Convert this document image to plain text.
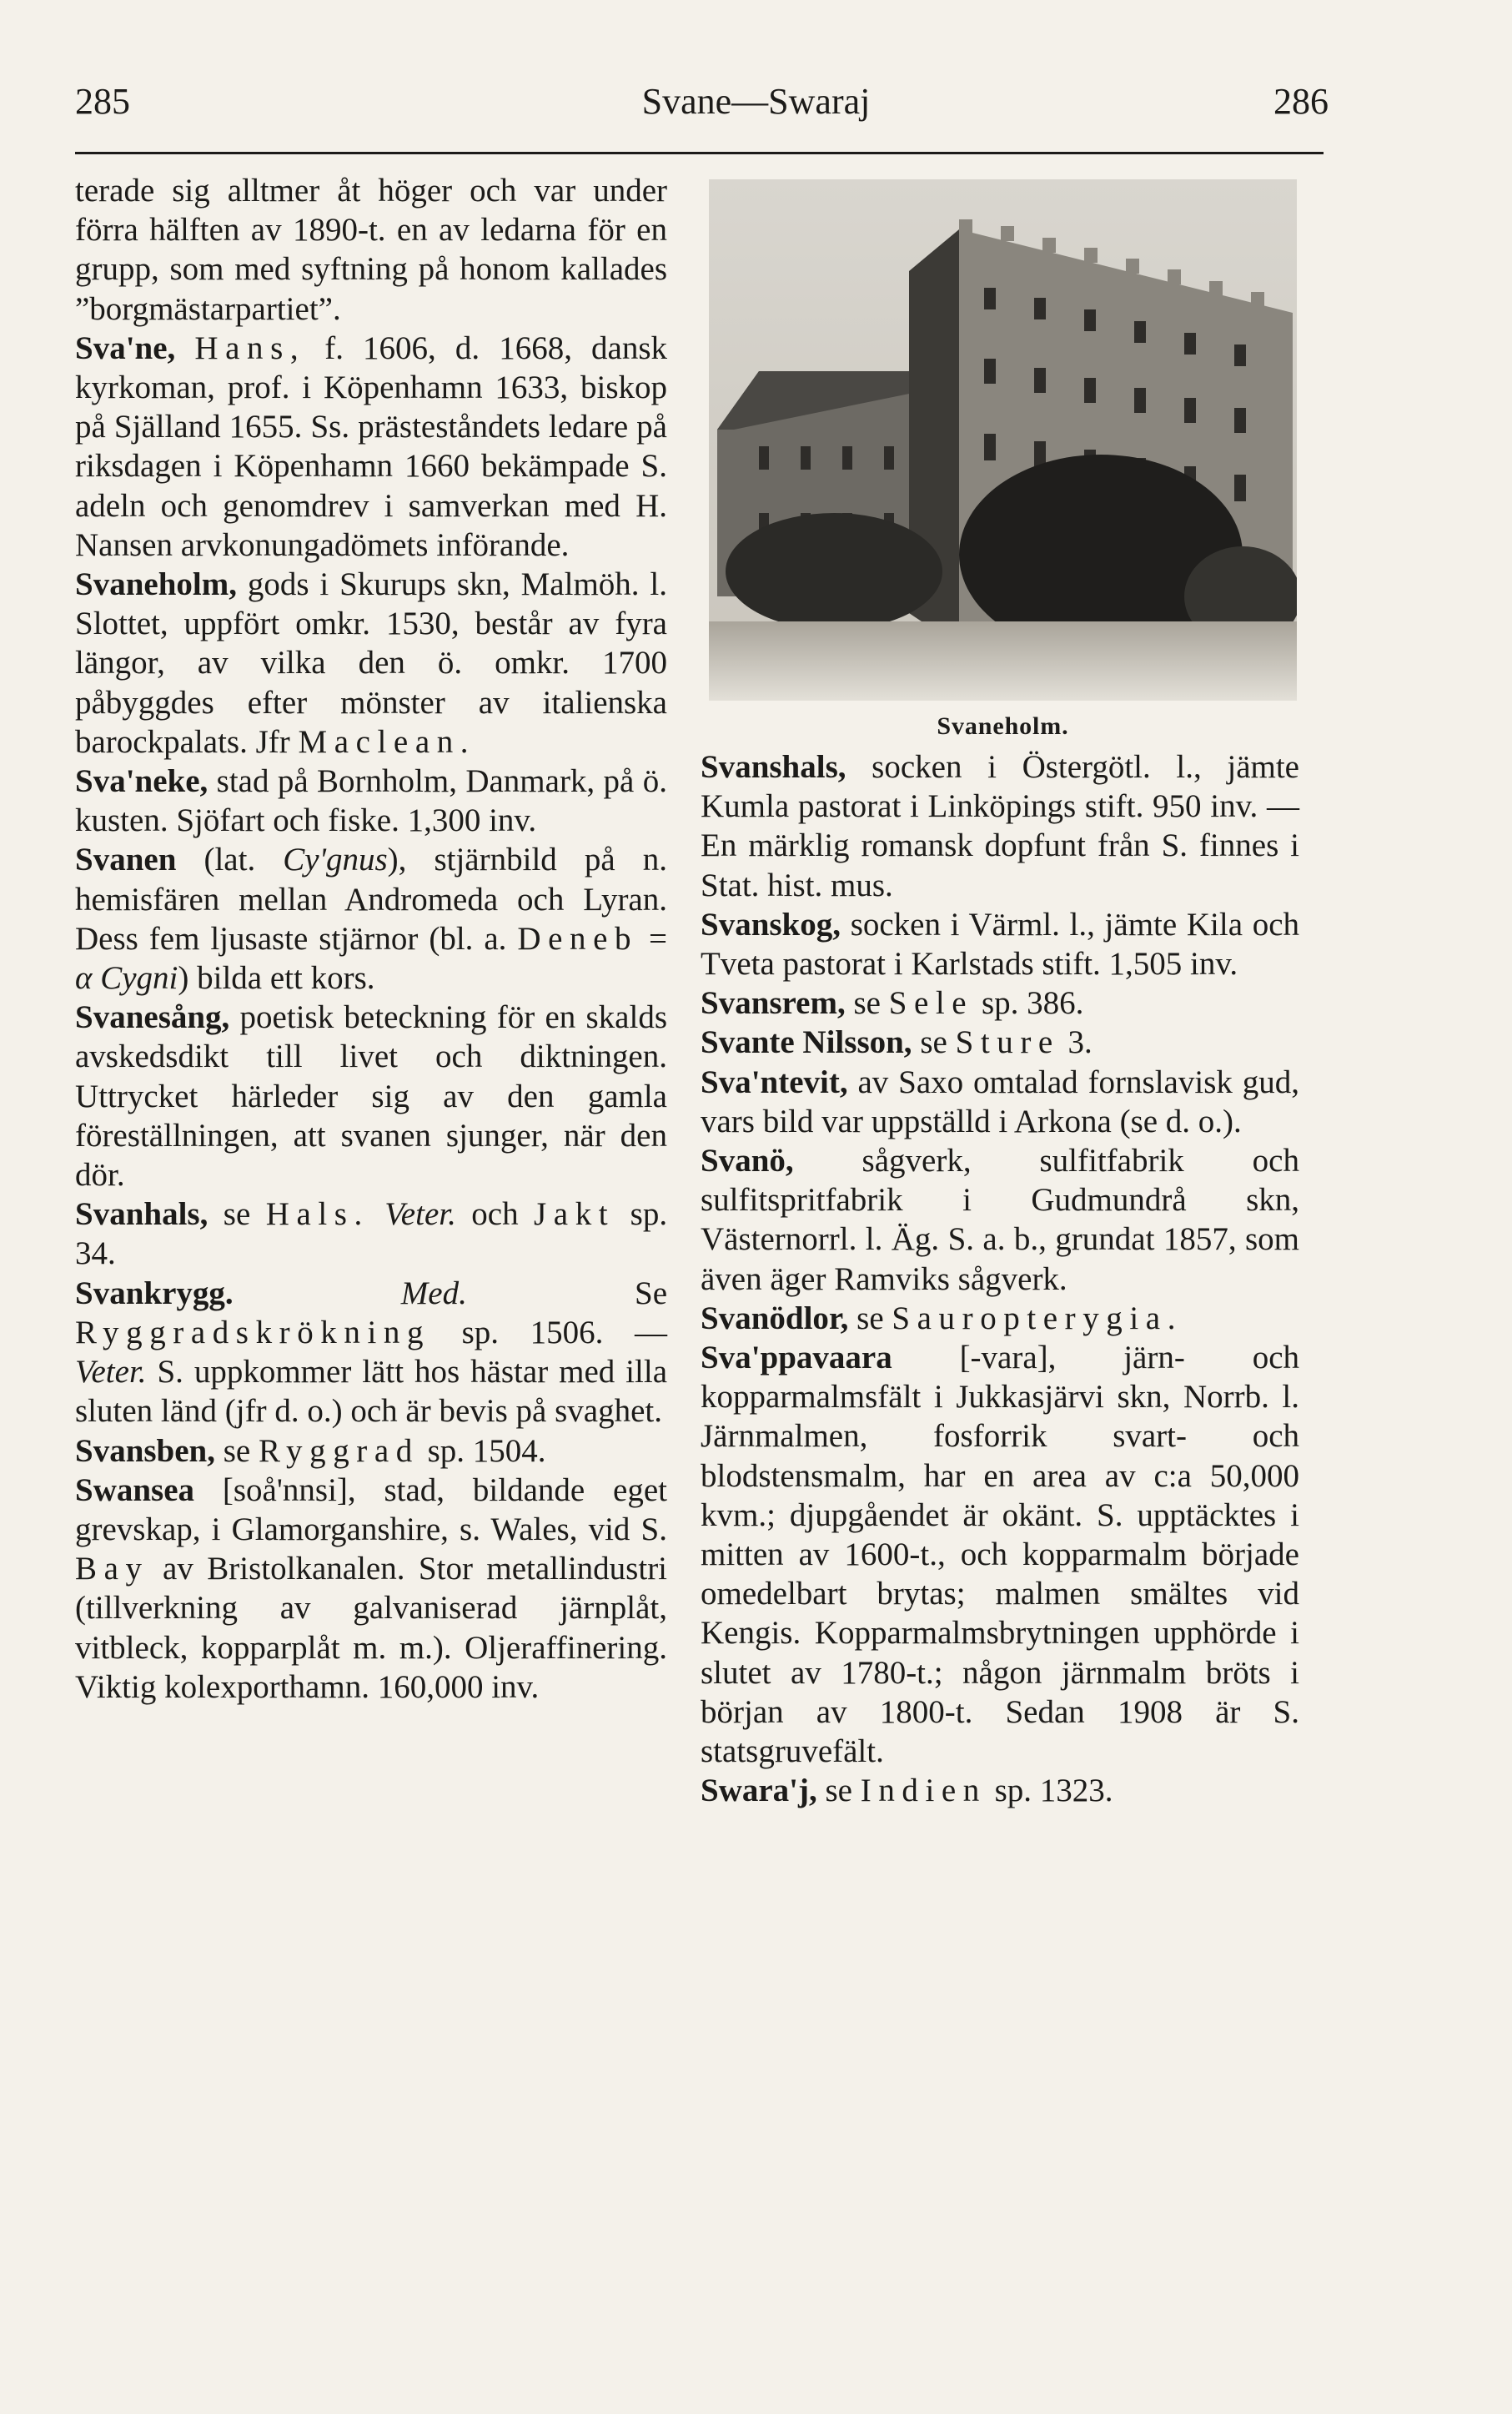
285	Svane—Swaraj	286

terade sig alltmer åt höger och var under förra hälften av 1890-t. en av ledarna för en grupp, som med syftning på honom kallades ”borgmästarpartiet”.

Sva'ne, Hans, f. 1606, d. 1668, dansk kyrkoman, prof. i Köpenhamn 1633, biskop på Själland 1655. Ss. prästeståndets ledare på riksdagen i Köpenhamn 1660 bekämpade S. adeln och genomdrev i samverkan med H. Nansen arvkonungadömets införande.

Svaneholm, gods i Skurups skn, Malmöh. l. Slottet, uppfört omkr. 1530, består av fyra längor, av vilka den ö. omkr. 1700 påbyggdes efter mönster av italienska barockpalats. Jfr Maclean.

Sva'neke, stad på Bornholm, Danmark, på ö. kusten. Sjöfart och fiske. 1,300 inv.

Svanen (lat. Cy'gnus), stjärnbild på n. hemisfären mellan Andromeda och Lyran. Dess fem ljusaste stjärnor (bl. a. Deneb = α Cygni) bilda ett kors.

Svanesång, poetisk beteckning för en skalds avskedsdikt till livet och diktningen. Uttrycket härleder sig av den gamla föreställningen, att svanen sjunger, när den dör.

Svanhals, se Hals. Veter. och Jakt sp. 34.

Svankrygg.	Med.	Se Ryggradskrökning sp. 1506. — Veter. S. uppkommer lätt hos hästar med illa sluten länd (jfr d. o.) och är bevis på svaghet.

Svansben, se Ryggrad sp. 1504.

Swansea [soå'nnsi], stad, bildande eget grevskap, i Glamorganshire, s. Wales, vid S. Bay av Bristolkanalen. Stor metallindustri (tillverkning av galvaniserad järnplåt, vitbleck, kopparplåt m. m.). Oljeraffinering. Viktig kolexporthamn. 160,000 inv.

Svaneholm.

Svanshals, socken i Östergötl. l., jämte Kumla pastorat i Linköpings stift. 950 inv. — En märklig romansk dopfunt från S. finnes i Stat. hist. mus.

Svanskog, socken i Värml. l., jämte Kila och Tveta pastorat i Karlstads stift. 1,505 inv.

Svansrem, se Sele sp. 386.

Svante Nilsson, se Sture 3.

Sva'ntevit, av Saxo omtalad fornslavisk gud, vars bild var uppställd i Arkona (se d. o.).

Svanö, sågverk, sulfitfabrik och sulfitspritfabrik i Gudmundrå skn, Västernorrl. l. Äg. S. a. b., grundat 1857, som även äger Ramviks sågverk.

Svanödlor, se Sauropterygia.

Sva'ppavaara [-vara], järn- och kopparmalmsfält i Jukkasjärvi skn, Norrb. l. Järnmalmen, fosforrik svart- och blodstensmalm, har en area av c:a 50,000 kvm.; djupgåendet är okänt. S. upptäcktes i mitten av 1600-t., och kopparmalm började omedelbart brytas; malmen smältes vid Kengis. Kopparmalmsbrytningen upphörde i slutet av 1780-t.; någon järnmalm bröts i början av 1800-t. Sedan 1908 är S. statsgruvefält.

Swara'j, se Indien sp. 1323.
